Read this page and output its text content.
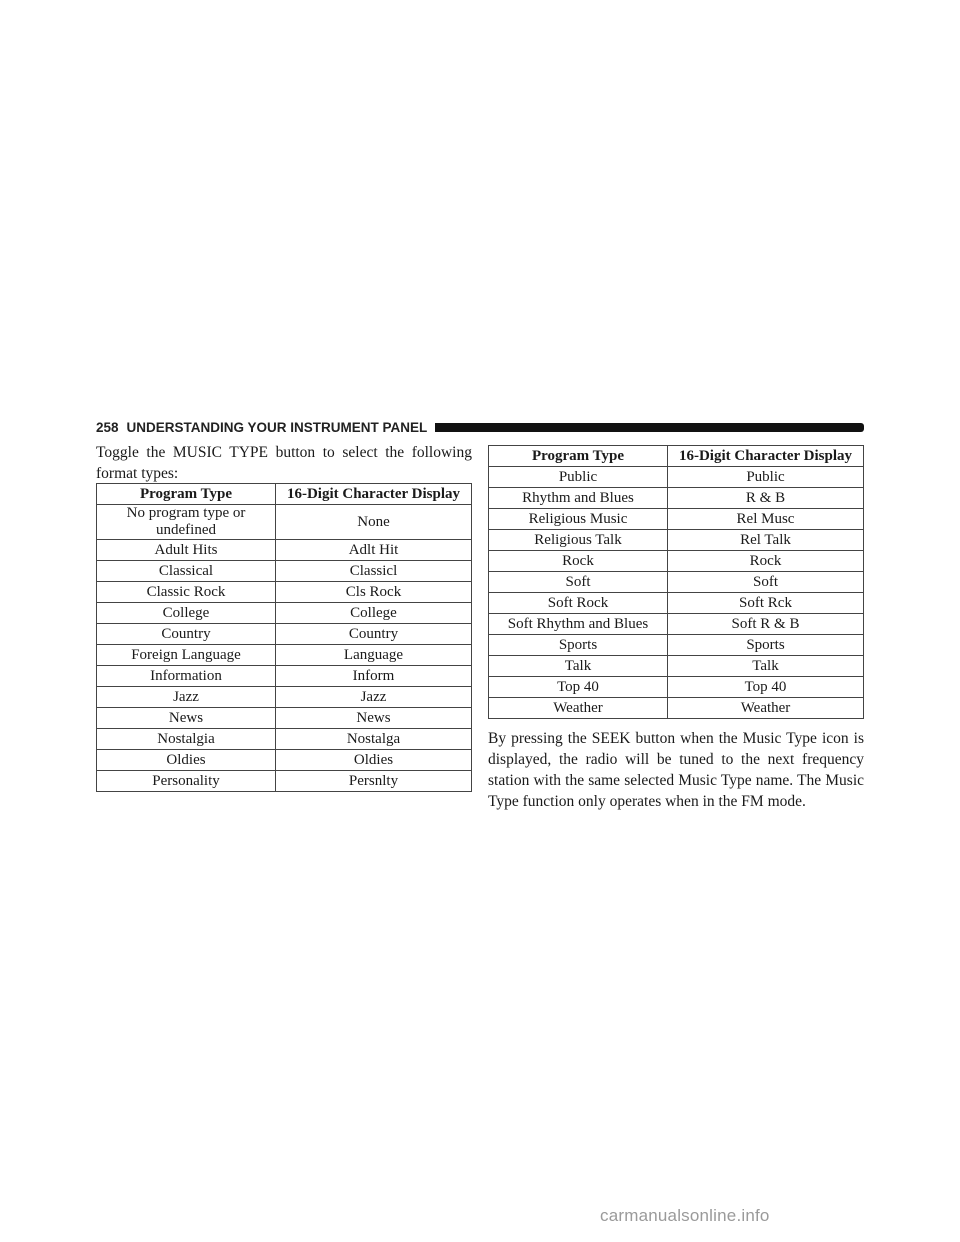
258 UNDERSTANDING YOUR INSTRUMENT PANEL

Toggle the MUSIC TYPE button to select the following format types:

Program Type	16-Digit Character Display
No program type or undefined	None
Adult Hits	Adlt Hit
Classical	Classicl
Classic Rock	Cls Rock
College	College
Country	Country
Foreign Language	Language
Information	Inform
Jazz	Jazz
News	News
Nostalgia	Nostalga
Oldies	Oldies
Personality	Persnlty
Program Type	16-Digit Character Display
Public	Public
Rhythm and Blues	R & B
Religious Music	Rel Musc
Religious Talk	Rel Talk
Rock	Rock
Soft	Soft
Soft Rock	Soft Rck
Soft Rhythm and Blues	Soft R & B
Sports	Sports
Talk	Talk
Top 40	Top 40
Weather	Weather

By pressing the SEEK button when the Music Type icon is displayed, the radio will be tuned to the next frequency station with the same selected Music Type name. The Music Type function only operates when in the FM mode.

carmanualsonline.info
